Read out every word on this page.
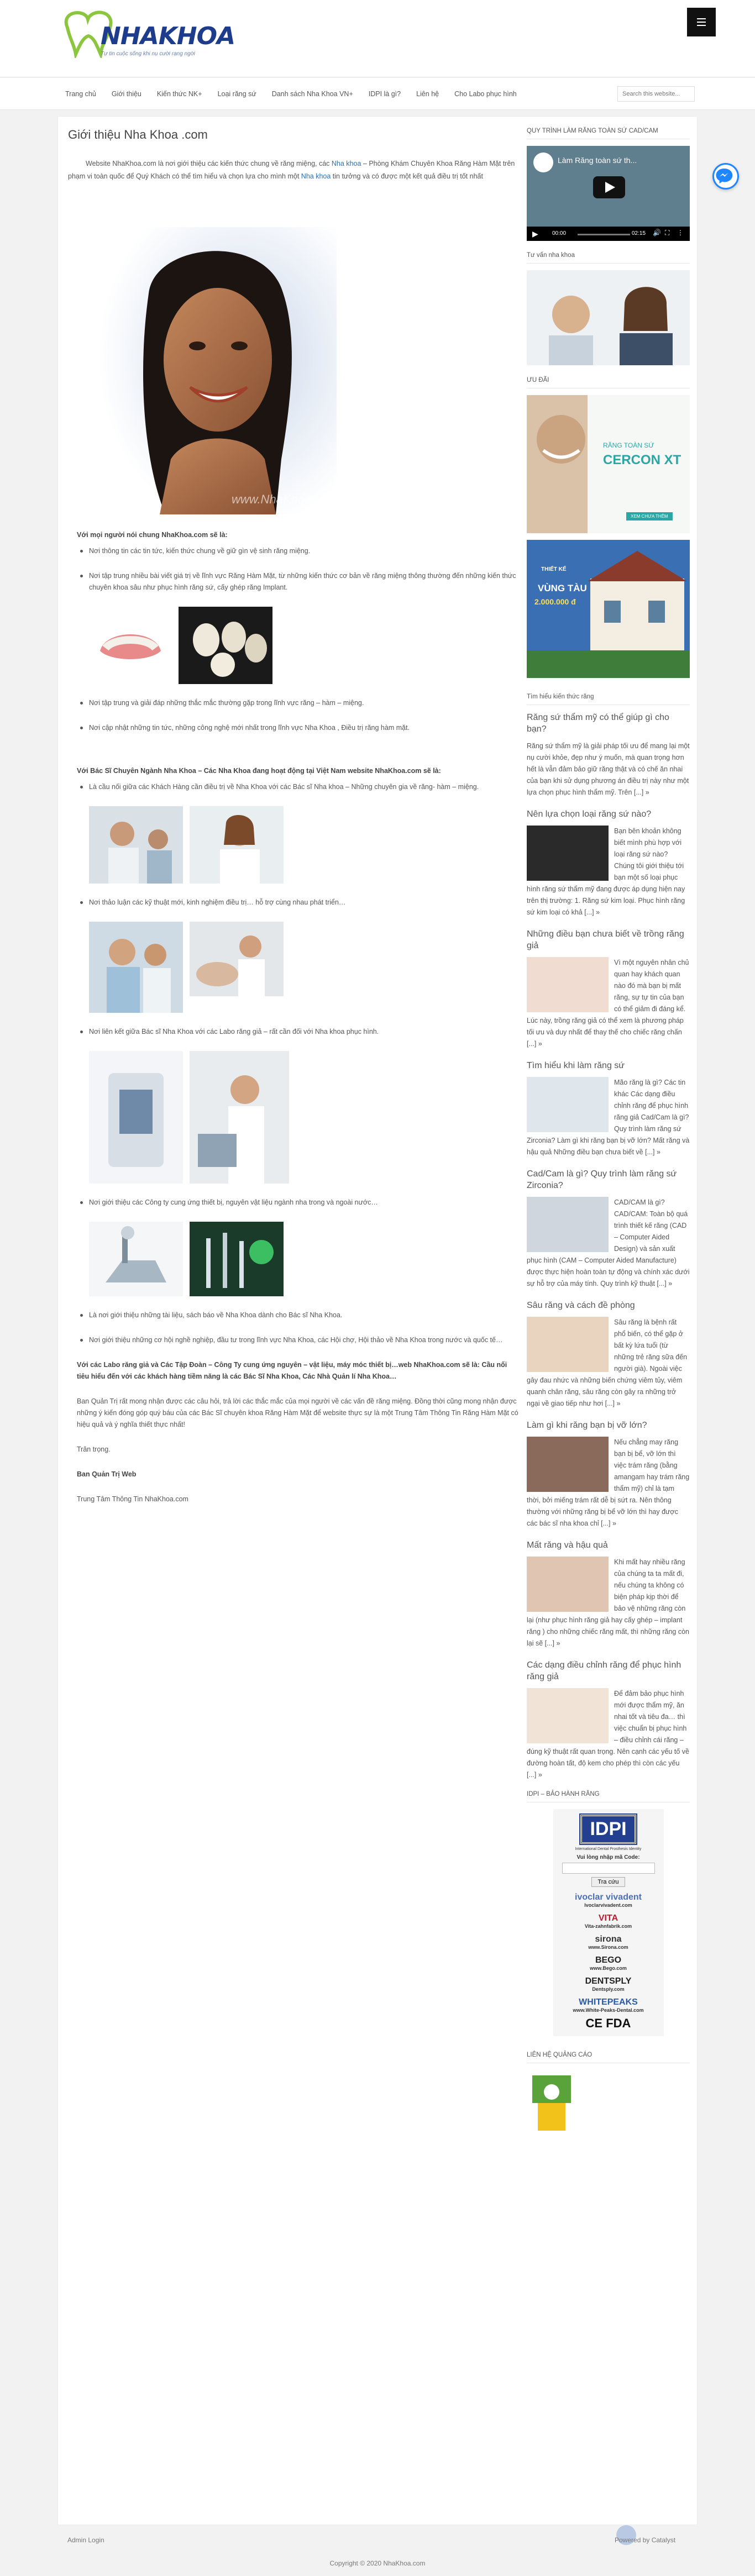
NHAKHOA
Tự tin cuộc sống khi nụ cười rạng ngời
Trang chủ	Giới thiệu	Kiến thức NK+	Loại răng sứ	Danh sách Nha Khoa VN+	IDPI là gì?	Liên hệ	Cho Labo phục hình
Search this website...
Giới thiệu Nha Khoa .com

Website NhaKhoa.com là nơi giới thiệu các kiến thức chung về răng miệng, các Nha khoa – Phòng Khám Chuyên Khoa Răng Hàm Mặt trên phạm vi toàn quốc để Quý Khách có thể tìm hiểu và chọn lựa cho mình một Nha khoa tin tưởng và có được một kết quả điều trị tốt nhất

www.NhaKhoa.com

Với mọi người nói chung NhaKhoa.com sẽ là:

Nơi thông tin các tin tức, kiến thức chung về giữ gìn vệ sinh răng miệng.
Nơi tập trung nhiều bài viết giá trị về lĩnh vực Răng Hàm Mặt, từ những kiến thức cơ bản về răng miệng thông thường đến những kiến thức chuyên khoa sâu như phục hình răng sứ, cấy ghép răng Implant.
Nơi tập trung và giải đáp những thắc mắc thường gặp trong lĩnh vực răng – hàm – miệng.
Nơi cập nhật những tin tức, những công nghệ mới nhất trong lĩnh vực Nha Khoa , Điều trị răng hàm mặt.

Với Bác Sĩ Chuyên Ngành Nha Khoa – Các Nha Khoa đang hoạt động tại Việt Nam website NhaKhoa.com sẽ là:

Là cầu nối giữa các Khách Hàng cần điều trị về Nha Khoa với các Bác sĩ Nha khoa – Những chuyên gia về răng- hàm – miệng.
Nơi thảo luận các kỹ thuật mới, kinh nghiệm điều trị… hỗ trợ cùng nhau phát triển…
Nơi liên kết giữa Bác sĩ Nha Khoa với các Labo răng giả – rất cần đối với Nha khoa phục hình.
Nơi giới thiệu các Công ty cung ứng thiết bị, nguyên vật liệu ngành nha trong và ngoài nước…
Là nơi giới thiệu những tài liệu, sách báo về Nha Khoa dành cho Bác sĩ Nha Khoa.
Nơi giới thiệu những cơ hội nghề nghiệp, đầu tư trong lĩnh vực Nha Khoa, các Hội chợ, Hội thảo về Nha Khoa trong nước và quốc tế…

Với các Labo răng giả và Các Tập Đoàn – Công Ty cung ứng nguyên – vật liệu, máy móc thiết bị…web NhaKhoa.com sẽ là: Cầu nối tiêu hiểu đến với các khách hàng tiềm năng là các Bác Sĩ Nha Khoa, Các Nhà Quản lí Nha Khoa…

Ban Quản Trị rất mong nhận được các câu hỏi, trả lời các thắc mắc của mọi người về các vấn đề răng miệng. Đồng thời cũng mong nhận được những ý kiến đóng góp quý báu của các Bác Sĩ chuyên khoa Răng Hàm Mặt để website thực sự là một Trung Tâm Thông Tin Răng Hàm Mặt có hiệu quả và ý nghĩa thiết thực nhất!

Trân trọng.

Ban Quản Trị Web

Trung Tâm Thông Tin NhaKhoa.com

QUY TRÌNH LÀM RĂNG TOÀN SỨ CAD/CAM
Làm Răng toàn sứ th...
▶	00:00	02:15 🔊 ⛶ ⋮
Tư vấn nha khoa
ƯU ĐÃI
RĂNG TOÀN SỨ
CERCON XT
XEM CHƯA THÊM
THIẾT KẾ
VÙNG TÀU
2.000.000 đ
Tìm hiểu kiến thức răng
Răng sứ thẩm mỹ có thể giúp gì cho bạn?
Răng sứ thẩm mỹ là giải pháp tối ưu để mang lại một nụ cười khỏe, đẹp như ý muốn, mà quan trọng hơn hết là vẫn đảm bảo giữ răng thật và có chế ăn nhai của bạn khi sử dụng phương án điều trị này như một lựa chọn phục hình thẩm mỹ. Trên [...] »
Nên lựa chọn loại răng sứ nào?
Bạn bên khoản không biết mình phù hợp với loại răng sứ nào? Chúng tôi giới thiệu tới bạn một số loại phục hình răng sứ thẩm mỹ đang được áp dụng hiện nay trên thị trường: 1. Răng sứ kim loại. Phục hình răng sứ kim loại có khả [...] »
Những điều bạn chưa biết về trồng răng giả
Vì một nguyên nhân chủ quan hay khách quan nào đó mà bạn bị mất răng, sự tự tin của bạn có thể giảm đi đáng kể. Lúc này, trồng răng giả có thể xem là phương pháp tối ưu và duy nhất để thay thế cho chiếc răng chấn [...] »
Tìm hiểu khi làm răng sứ
Mão răng là gì? Các tin khác Các dạng điều chỉnh răng để phục hình răng giả Cad/Cam là gì? Quy trình làm răng sứ Zirconia? Làm gì khi răng bạn bị vỡ lớn? Mất răng và hậu quả Những điều bạn chưa biết về [...] »
Cad/Cam là gì? Quy trình làm răng sứ Zirconia?
CAD/CAM là gì? CAD/CAM: Toàn bộ quá trình thiết kế răng (CAD – Computer Aided Design) và sản xuất phục hình (CAM – Computer Aided Manufacture) được thực hiện hoàn toàn tự động và chính xác dưới sự hỗ trợ của máy tính. Quy trình kỹ thuật [...] »
Sâu răng và cách đề phòng
Sâu răng là bệnh rất phổ biến, có thể gặp ở bất kỳ lứa tuổi (từ những trẻ răng sữa đến người già). Ngoài việc gây đau nhức và những biến chứng viêm tủy, viêm quanh chân răng, sâu răng còn gây ra những trở ngại về giao tiếp như hơi [...] »
Làm gì khi răng bạn bị vỡ lớn?
Nếu chẳng may răng bạn bị bể, vỡ lớn thì việc trám răng (bằng amangam hay trám răng thẩm mỹ) chỉ là tạm thời, bởi miếng trám rất dễ bị sứt ra. Nên thông thường với những răng bị bể vỡ lớn thì hay được các bác sĩ nha khoa chỉ [...] »
Mất răng và hậu quả
Khi mất hay nhiều răng của chúng ta ta mất đi, nếu chúng ta không có biện pháp kịp thời để bảo vệ những răng còn lại (như phục hình răng giả hay cấy ghép – implant răng ) cho những chiếc răng mất, thì những răng còn lại sẽ [...] »
Các dạng điều chỉnh răng để phục hình răng giả
Để đảm bảo phục hình mới được thẩm mỹ, ăn nhai tốt và tiêu đa… thì việc chuẩn bị phục hình – điều chỉnh cái răng – đúng kỹ thuật rất quan trọng. Nên cạnh các yếu tố về đường hoàn tất, độ kem cho phép thì còn các yếu [...] »
IDPI – BẢO HÀNH RĂNG
IDPI
International Dental Prosthesis Identity
Vui lòng nhập mã Code:
Tra cứu
ivoclar vivadent
Ivoclarvivadent.com
VITA
Vita-zahnfabrik.com
sirona
www.Sirona.com
BEGO
www.Bego.com
DENTSPLY
Dentsply.com
WHITEPEAKS
www.White-Peaks-Dental.com
CE FDA
LIÊN HỆ QUẢNG CÁO
Admin Login	Powered by Catalyst
Copyright © 2020 NhaKhoa.com
